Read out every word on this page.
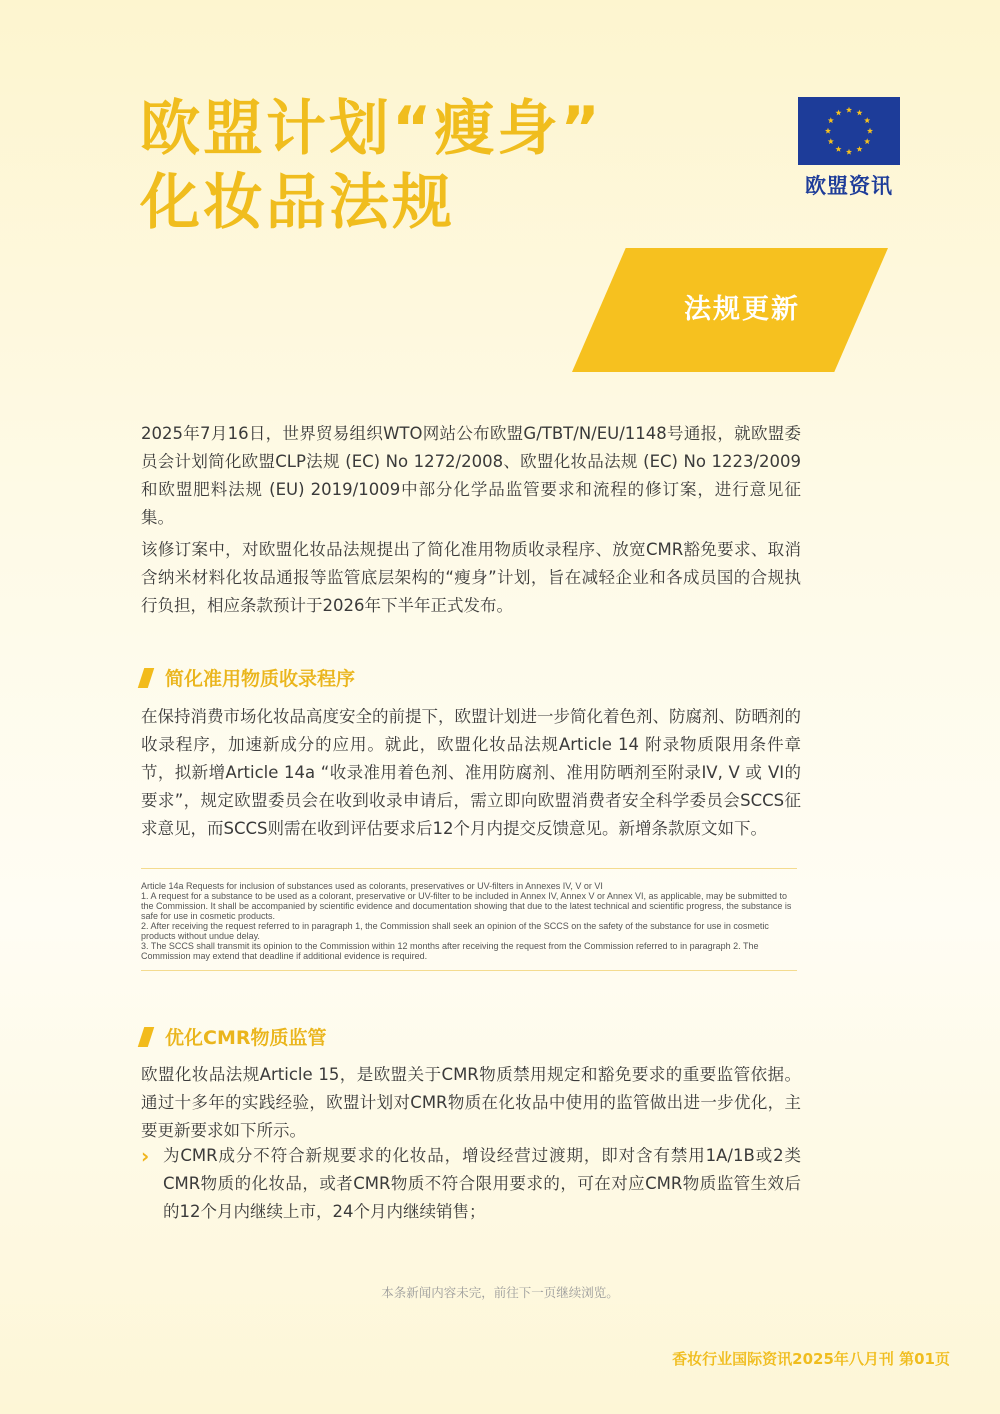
欧盟计划“瘦身”
化妆品法规	欧盟资讯
法规更新
2025年7月16日，世界贸易组织WTO网站公布欧盟G/TBT/N/EU/1148号通报，就欧盟委员会计划简化欧盟CLP法规 (EC) No 1272/2008、欧盟化妆品法规 (EC) No 1223/2009和欧盟肥料法规 (EU) 2019/1009中部分化学品监管要求和流程的修订案，进行意见征集。
该修订案中，对欧盟化妆品法规提出了简化准用物质收录程序、放宽CMR豁免要求、取消含纳米材料化妆品通报等监管底层架构的“瘦身”计划，旨在减轻企业和各成员国的合规执行负担，相应条款预计于2026年下半年正式发布。
简化准用物质收录程序
在保持消费市场化妆品高度安全的前提下，欧盟计划进一步简化着色剂、防腐剂、防晒剂的收录程序，加速新成分的应用。就此，欧盟化妆品法规Article 14 附录物质限用条件章节，拟新增Article 14a “收录准用着色剂、准用防腐剂、准用防晒剂至附录IV, V 或 VI的要求”，规定欧盟委员会在收到收录申请后，需立即向欧盟消费者安全科学委员会SCCS征求意见，而SCCS则需在收到评估要求后12个月内提交反馈意见。新增条款原文如下。
Article 14a Requests for inclusion of substances used as colorants, preservatives or UV-filters in Annexes IV, V or VI
1. A request for a substance to be used as a colorant, preservative or UV-filter to be included in Annex IV, Annex V or Annex VI, as applicable, may be submitted to the Commission. It shall be accompanied by scientific evidence and documentation showing that due to the latest technical and scientific progress, the substance is safe for use in cosmetic products.
2. After receiving the request referred to in paragraph 1, the Commission shall seek an opinion of the SCCS on the safety of the substance for use in cosmetic products without undue delay.
3. The SCCS shall transmit its opinion to the Commission within 12 months after receiving the request from the Commission referred to in paragraph 2. The Commission may extend that deadline if additional evidence is required.
优化CMR物质监管
欧盟化妆品法规Article 15，是欧盟关于CMR物质禁用规定和豁免要求的重要监管依据。通过十多年的实践经验，欧盟计划对CMR物质在化妆品中使用的监管做出进一步优化，主要更新要求如下所示。
› 为CMR成分不符合新规要求的化妆品，增设经营过渡期，即对含有禁用1A/1B或2类CMR物质的化妆品，或者CMR物质不符合限用要求的，可在对应CMR物质监管生效后的12个月内继续上市，24个月内继续销售；
本条新闻内容未完，前往下一页继续浏览。
香妆行业国际资讯2025年八月刊 第01页
